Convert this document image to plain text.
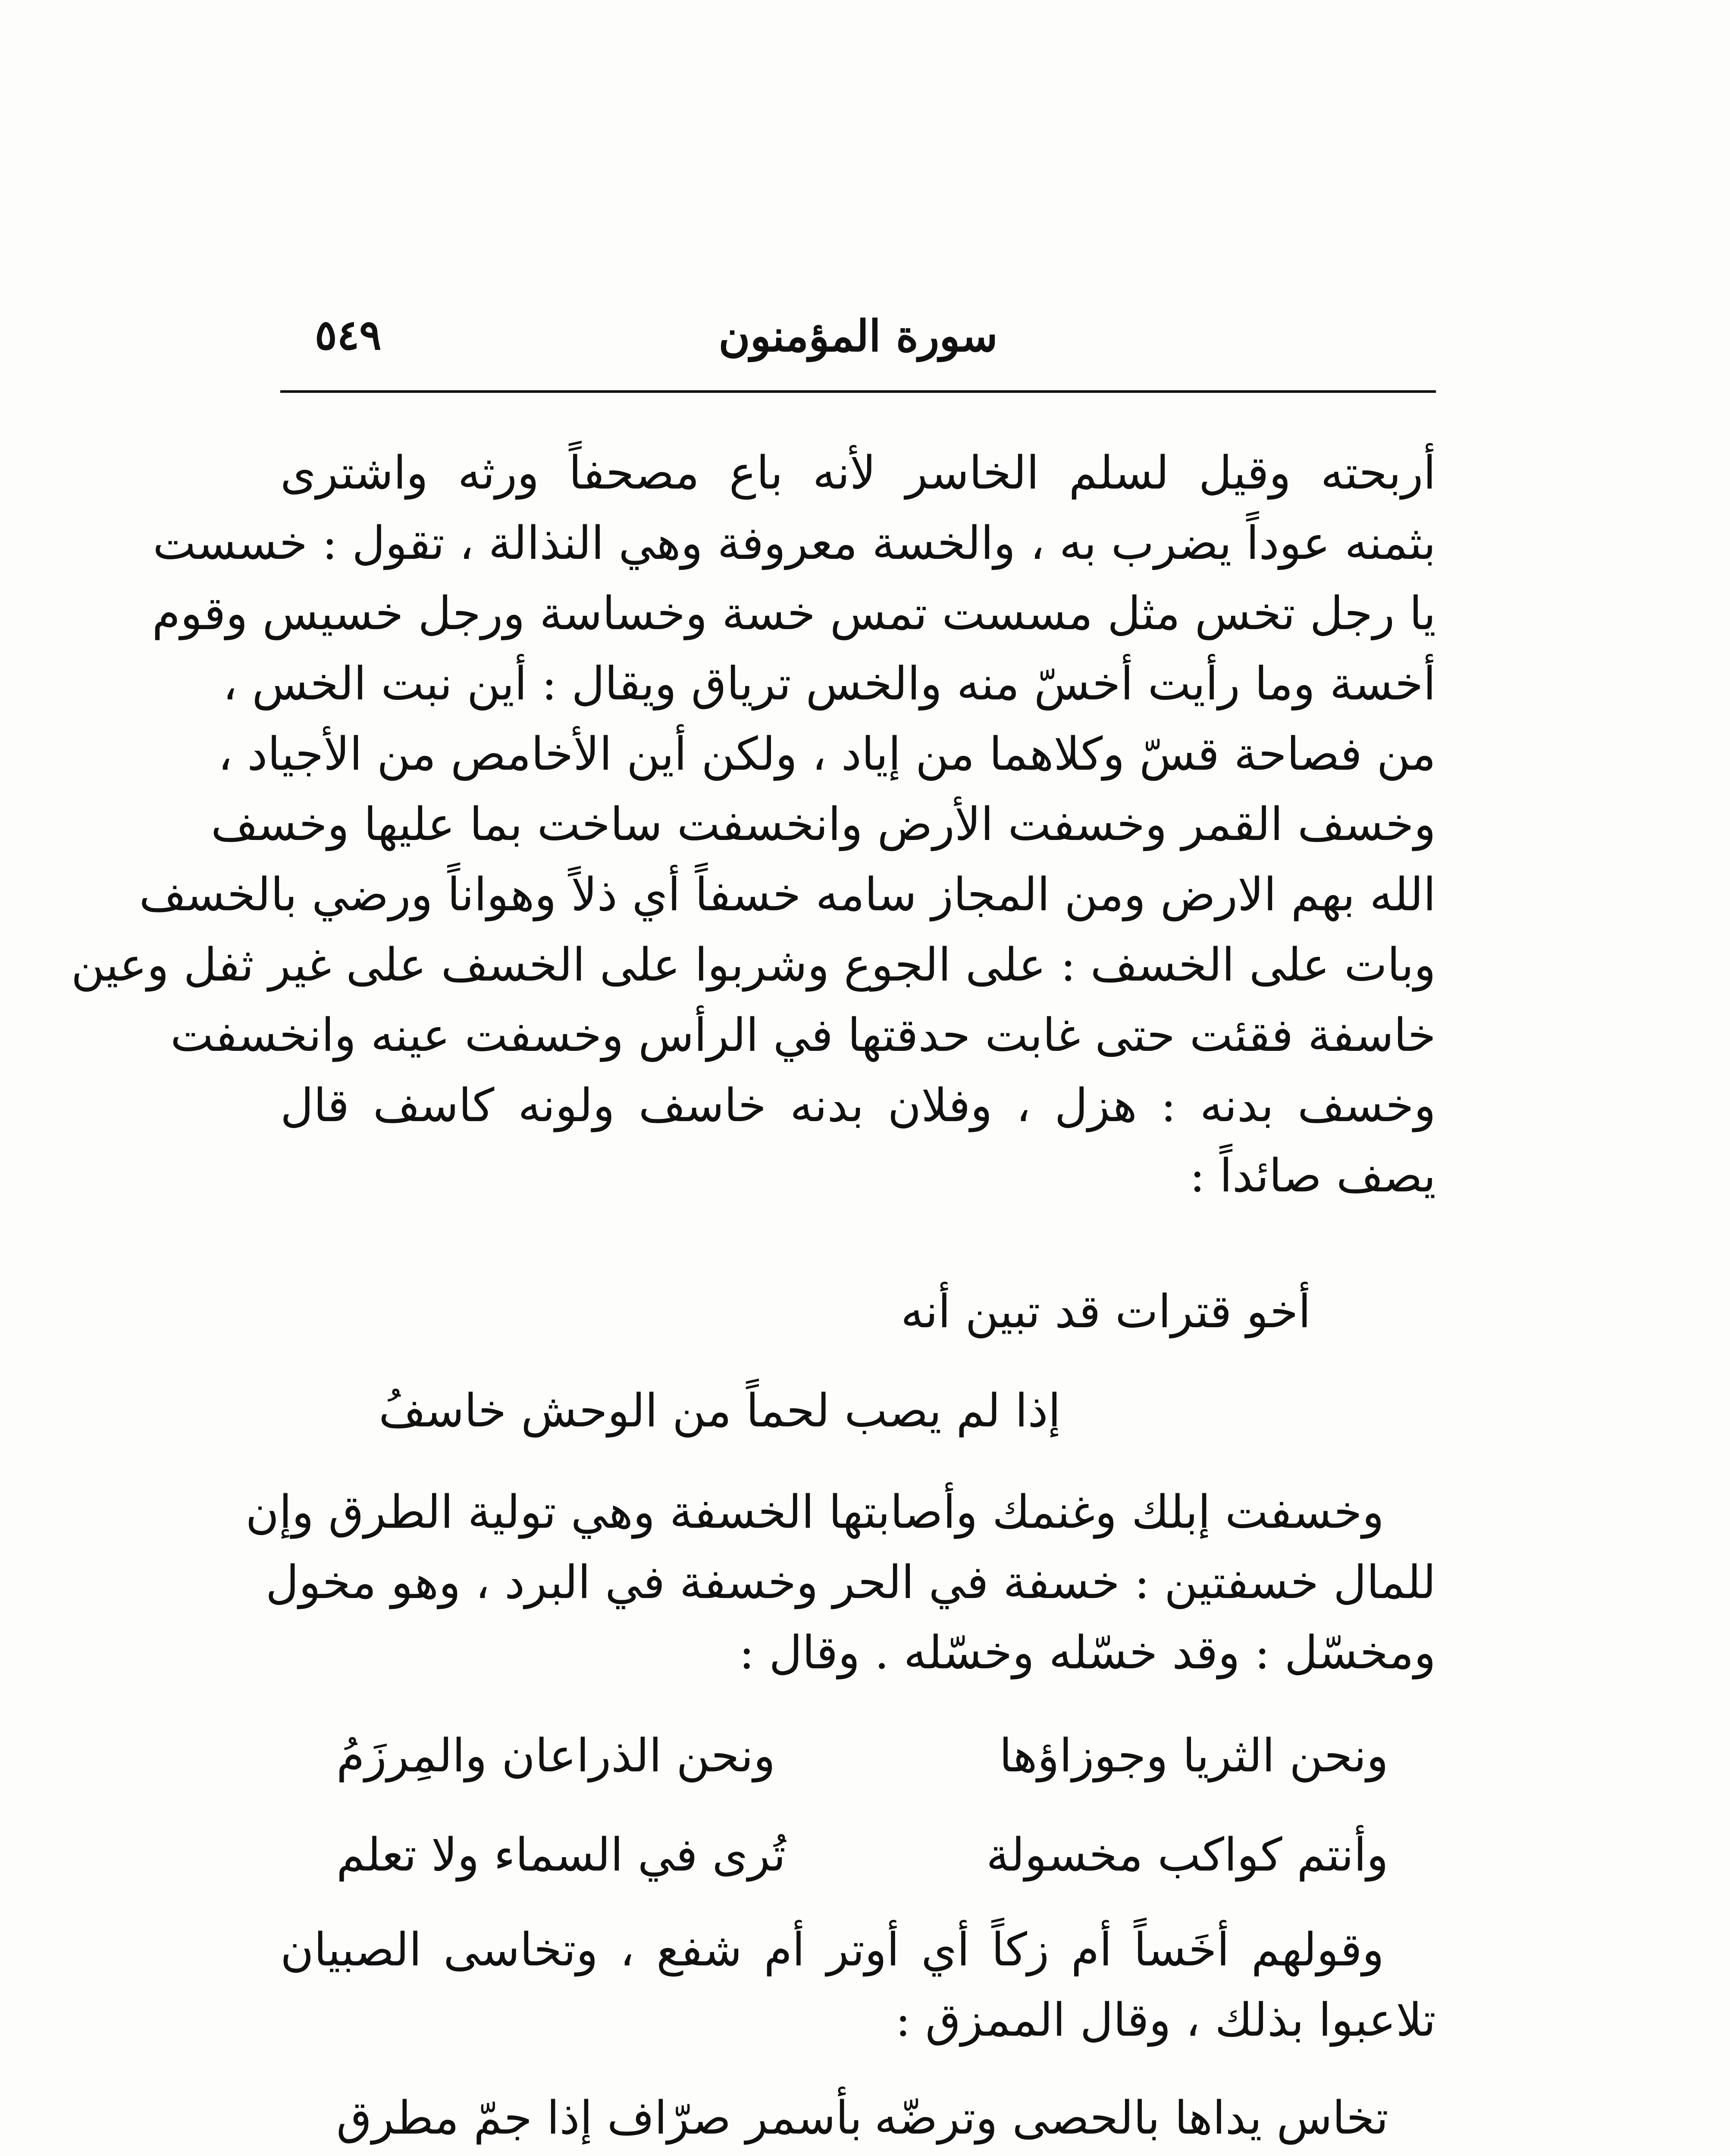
٥٤٩	سورة المؤمنون

أربحته وقيل لسلم الخاسر لأنه باع مصحفاً ورثه واشترى

بثمنه عوداً يضرب به ، والخسة معروفة وهي النذالة ، تقول : خسست

يا رجل تخس مثل مسست تمس خسة وخساسة ورجل خسيس وقوم

أخسة وما رأيت أخسّ منه والخس ترياق ويقال : أين نبت الخس ،

من فصاحة قسّ وكلاهما من إياد ، ولكن أين الأخامص من الأجياد ،

وخسف القمر وخسفت الأرض وانخسفت ساخت بما عليها وخسف

الله بهم الارض ومن المجاز سامه خسفاً أي ذلاً وهواناً ورضي بالخسف

وبات على الخسف : على الجوع وشربوا على الخسف على غير ثفل وعين

خاسفة فقئت حتى غابت حدقتها في الرأس وخسفت عينه وانخسفت

وخسف بدنه : هزل ، وفلان بدنه خاسف ولونه كاسف قال

يصف صائداً :

أخو قترات قد تبين أنه
إذا لم يصب لحماً من الوحش خاسفُ

وخسفت إبلك وغنمك وأصابتها الخسفة وهي تولية الطرق وإن

للمال خسفتين : خسفة في الحر وخسفة في البرد ، وهو مخول

ومخسّل : وقد خسّله وخسّله . وقال :

ونحن الثريا وجوزاؤها
ونحن الذراعان والمِرزَمُ
وأنتم كواكب مخسولة
تُرى في السماء ولا تعلم

وقولهم أخَساً أم زكاً أي أوتر أم شفع ، وتخاسى الصبيان

تلاعبوا بذلك ، وقال الممزق :

تخاس يداها بالحصى وترضّه
بأسمر صرّاف إذا جمّ مطرق
